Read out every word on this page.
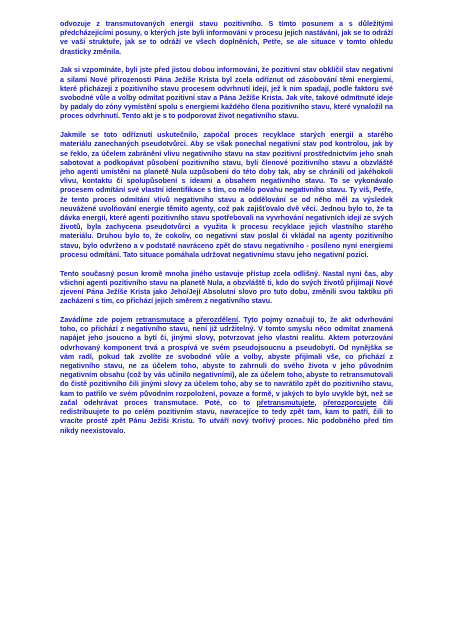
odvozuje z transmutovaných energií stavu pozitivního. S tímto posunem a s důležitými předcházejícími posuny, o kterých jste byli informováni v procesu jejich nastávání, jak se to odráží ve vaší struktuře, jak se to odráží ve všech doplněních, Petře, se ale situace v tomto ohledu drasticky změnila.

Jak si vzpomínáte, byli jste před jistou dobou informováni, že pozitivní stav obklíčil stav negativní a silami Nové přirozenosti Pána Ježíše Krista byl zcela odříznut od zásobování těmi energiemi, které přicházejí z pozitivního stavu procesem odvrhnutí idejí, jež k nim spadají, podle faktoru své svobodné vůle a volby odmítat pozitivní stav a Pána Ježíše Krista. Jak víte, takové odmítnuté ideje by padaly do zóny vymístění spolu s energiemi každého člena pozitivního stavu, které vynaložil na proces odvrhnutí. Tento akt je s to podporovat život negativního stavu.

Jakmile se toto odříznutí uskutečnilo, započal proces recyklace starých energií a starého materiálu zanechaných pseudotvůrci. Aby se však ponechal negativní stav pod kontrolou, jak by se řeklo, za účelem zabránění vlivu negativního stavu na stav pozitivní prostřednictvím jeho snah sabotovat a podkopávat působení pozitivního stavu, byli členové pozitivního stavu a obzvláště jeho agenti umístěni na planetě Nula uzpůsobeni do této doby tak, aby se chránili od jakéhokoli vlivu, kontaktu či spolupůsobení s ideami a obsahem negativního stavu. To se vykonávalo procesem odmítání své vlastní identifikace s tím, co mělo povahu negativního stavu. Ty víš, Petře, že tento proces odmítání vlivů negativního stavu a oddělování se od něho měl za výsledek neuvážené uvolňování energie těmito agenty, což pak zajišťovalo dvě věci. Jednou bylo to, že ta dávka energií, které agenti pozitivního stavu spotřebovali na vyvrhování negativních idejí ze svých životů, byla zachycena pseudotvůrci a využita k procesu recyklace jejich vlastního starého materiálu. Druhou bylo to, že cokoliv, co negativní stav poslal či vkládal na agenty pozitivního stavu, bylo odvrženo a v podstatě navráceno zpět do stavu negativního - posíleno nyní energiemi procesu odmítání. Tato situace pomáhala udržovat negativnímu stavu jeho negativní pozici.

Tento současný posun kromě mnoha jiného ustavuje přístup zcela odlišný. Nastal nyní čas, aby všichni agenti pozitivního stavu na planetě Nula, a obzvláště ti, kdo do svých životů přijímají Nové zjevení Pána Ježíše Krista jako Jeho/Její Absolutní slovo pro tuto dobu, změnili svou taktiku při zacházení s tím, co přichází jejich směrem z negativního stavu.

Zavádíme zde pojem retransmutace a přerozdělení. Tyto pojmy označují to, že akt odvrhování toho, co přichází z negativního stavu, není již udržitelný. V tomto smyslu něco odmítat znamená napájet jeho jsoucno a bytí či, jinými slovy, potvrzovat jeho vlastní realitu. Aktem potvrzování odvrhovaný komponent trvá a prospívá ve svém pseudojsoucnu a pseudobytí. Od nynějška se vám radí, pokud tak zvolíte ze svobodné vůle a volby, abyste přijímali vše, co přichází z negativního stavu, ne za účelem toho, abyste to zahrnuli do svého života v jeho původním negativním obsahu (což by vás učinilo negativními), ale za účelem toho, abyste to retransmutovali do čistě pozitivního čili jinými slovy za účelem toho, aby se to navrátilo zpět do pozitivního stavu, kam to patřilo ve svém původním rozpoložení, povaze a formě, v jakých to bylo uvykle být, než se začal odehrávat proces transmutace. Poté, co to přetransmutujete, přerozporcujete čili redistribuujete to po celém pozitivním stavu, navracejíce to tedy zpět tam, kam to patří, čili to vracíte prostě zpět Pánu Ježíši Kristu. To utváří nový tvořivý proces. Nic podobného před tím nikdy neexistovalo.
